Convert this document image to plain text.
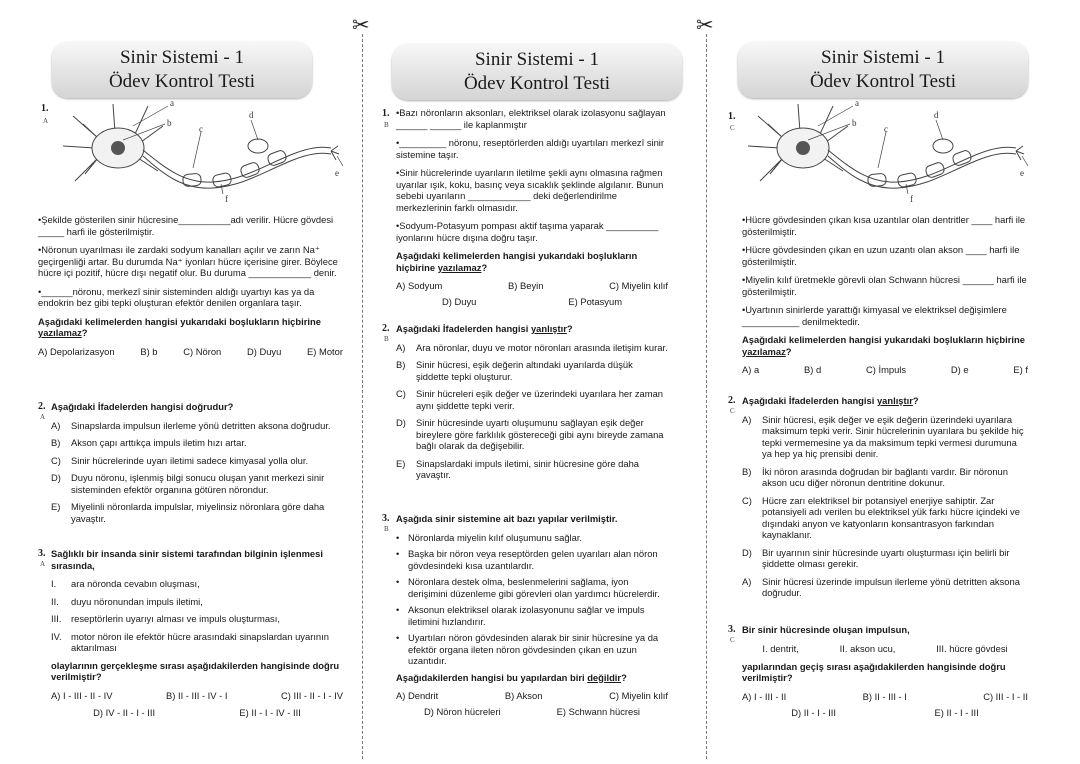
✂	✂
Sinir Sistemi - 1
Ödev Kontrol Testi
1.
A
a
b
c
d
e
f

•Şekilde gösterilen sinir hücresine__________adı verilir. Hücre gövdesi _____ harfi ile gösterilmiştir.

•Nöronun uyarılması ile zardaki sodyum kanalları açılır ve zarın Na⁺ geçirgenliği artar. Bu durumda Na⁺ iyonları hücre içerisine girer. Böylece hücre içi pozitif, hücre dışı negatif olur. Bu duruma ____________ denir.

•______nöronu, merkezî sinir sisteminden aldığı uyartıyı kas ya da endokrin bez gibi tepki oluşturan efektör denilen organlara taşır.

Aşağıdaki kelimelerden hangisi yukarıdaki boşlukların hiçbirine yazılamaz?

A) Depolarizasyon	B) b	C) Nöron	D) Duyu	E) Motor
2.
A

Aşağıdaki İfadelerden hangisi doğrudur?

A)	Sinapslarda impulsun ilerleme yönü detritten aksona doğrudur.
B)	Akson çapı arttıkça impuls iletim hızı artar.
C)	Sinir hücrelerinde uyarı iletimi sadece kimyasal yolla olur.
D)	Duyu nöronu, işlenmiş bilgi sonucu oluşan yanıt merkezi sinir sisteminden efektör organına götüren nörondur.
E)	Miyelinli nöronlarda impulslar, miyelinsiz nöronlara göre daha yavaştır.
3.
A

Sağlıklı bir insanda sinir sistemi tarafından bilginin işlenmesi sırasında,

I.	ara nöronda cevabın oluşması,
II.	duyu nöronundan impuls iletimi,
III.	reseptörlerin uyarıyı alması ve impuls oluşturması,
IV. motor nöron ile efektör hücre arasındaki sinapslardan uyarının aktarılması

olaylarının gerçekleşme sırası aşağıdakilerden hangisinde doğru verilmiştir?

A) I - III - II - IV	B) II - III - IV - I	C) III - II - I - IV
D) IV - II - I - III	E) II - I - IV - III
Sinir Sistemi - 1
Ödev Kontrol Testi
1.
B

•Bazı nöronların aksonları, elektriksel olarak izolasyonu sağlayan ______ ______ ile kaplanmıştır

•_________ nöronu, reseptörlerden aldığı uyartıları merkezî sinir sistemine taşır.

•Sinir hücrelerinde uyarıların iletilme şekli aynı olmasına rağmen uyarılar ışık, koku, basınç veya sıcaklık şeklinde algılanır. Bunun sebebi uyarıların ____________ deki değerlendirilme merkezlerinin farklı olmasıdır.

•Sodyum-Potasyum pompası aktif taşıma yaparak __________ iyonlarını hücre dışına doğru taşır.

Aşağıdaki kelimelerden hangisi yukarıdaki boşlukların hiçbirine yazılamaz?

A) Sodyum	B) Beyin	C) Miyelin kılıf
D) Duyu	E) Potasyum
2.
B

Aşağıdaki İfadelerden hangisi yanlıştır?

A)	Ara nöronlar, duyu ve motor nöronları arasında iletişim kurar.
B)	Sinir hücresi, eşik değerin altındaki uyarılarda düşük şiddette tepki oluşturur.
C)	Sinir hücreleri eşik değer ve üzerindeki uyarılara her zaman aynı şiddette tepki verir.
D)	Sinir hücresinde uyartı oluşumunu sağlayan eşik değer bireylere göre farklılık göstereceği gibi aynı bireyde zamana bağlı olarak da değişebilir.
E)	Sinapslardaki impuls iletimi, sinir hücresine göre daha yavaştır.
3.
B

Aşağıda sinir sistemine ait bazı yapılar verilmiştir.

• Nöronlarda miyelin kılıf oluşumunu sağlar.
• Başka bir nöron veya reseptörden gelen uyarıları alan nöron gövdesindeki kısa uzantılardır.
• Nöronlara destek olma, beslenmelerini sağlama, iyon derişimini düzenleme gibi görevleri olan yardımcı hücrelerdir.
• Aksonun elektriksel olarak izolasyonunu sağlar ve impuls iletimini hızlandırır.
• Uyartıları nöron gövdesinden alarak bir sinir hücresine ya da efektör organa ileten nöron gövdesinden çıkan en uzun uzantıdır.

Aşağıdakilerden hangisi bu yapılardan biri değildir?

A) Dendrit	B) Akson	C) Miyelin kılıf
D) Nöron hücreleri	E) Schwann hücresi
Sinir Sistemi - 1
Ödev Kontrol Testi
1.
C
a
b
c
d
e
f

•Hücre gövdesinden çıkan kısa uzantılar olan dentritler ____ harfi ile gösterilmiştir.

•Hücre gövdesinden çıkan en uzun uzantı olan akson ____ harfi ile gösterilmiştir.

•Miyelin kılıf üretmekle görevli olan Schwann hücresi ______ harfi ile gösterilmiştir.

•Uyartının sinirlerde yarattığı kimyasal ve elektriksel değişimlere ___________ denilmektedir.

Aşağıdaki kelimelerden hangisi yukarıdaki boşlukların hiçbirine yazılamaz?

A) a	B) d	C) İmpuls	D) e	E) f
2.
C

Aşağıdaki İfadelerden hangisi yanlıştır?

A)	Sinir hücresi, eşik değer ve eşik değerin üzerindeki uyarılara maksimum tepki verir. Sinir hücrelerinin uyarılara bu şekilde hiç tepki vermemesine ya da maksimum tepki vermesi durumuna ya hep ya hiç prensibi denir.
B)	İki nöron arasında doğrudan bir bağlantı vardır. Bir nöronun akson ucu diğer nöronun dentritine dokunur.
C)	Hücre zarı elektriksel bir potansiyel enerjiye sahiptir. Zar potansiyeli adı verilen bu elektriksel yük farkı hücre içindeki ve dışındaki anyon ve katyonların konsantrasyon farkından kaynaklanır.
D)	Bir uyarının sinir hücresinde uyartı oluşturması için belirli bir şiddette olması gerekir.
A)	Sinir hücresi üzerinde impulsun ilerleme yönü detritten aksona doğrudur.
3.
C

Bir sinir hücresinde oluşan impulsun,

I. dentrit,	II. akson ucu,	III. hücre gövdesi

yapılarından geçiş sırası aşağıdakilerden hangisinde doğru verilmiştir?

A) I - III - II	B) II - III - I	C) III - I - II
D) II - I - III	E) II - I - III
